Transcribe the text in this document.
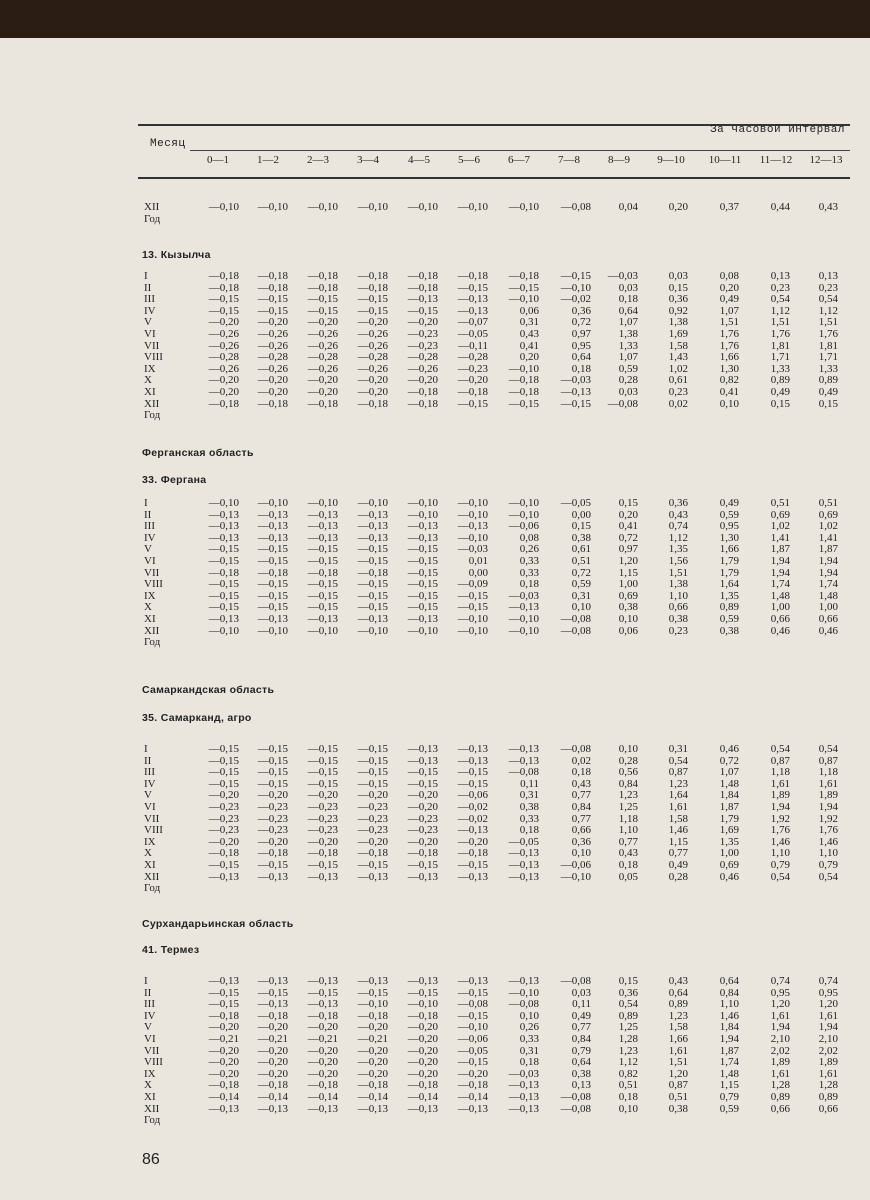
За часовой интервал
Месяц
0—1	1—2	2—3	3—4	4—5	5—6	6—7	7—8	8—9	9—10	10—11	11—12	12—13
XII	—0,10	—0,10	—0,10	—0,10	—0,10	—0,10	—0,10	—0,08	0,04	0,20	0,37	0,44	0,43
Год
13. Кызылча
I	—0,18	—0,18	—0,18	—0,18	—0,18	—0,18	—0,18	—0,15	—0,03	0,03	0,08	0,13	0,13
II	—0,18	—0,18	—0,18	—0,18	—0,18	—0,15	—0,15	—0,10	0,03	0,15	0,20	0,23	0,23
III	—0,15	—0,15	—0,15	—0,15	—0,13	—0,13	—0,10	—0,02	0,18	0,36	0,49	0,54	0,54
IV	—0,15	—0,15	—0,15	—0,15	—0,15	—0,13	0,06	0,36	0,64	0,92	1,07	1,12	1,12
V	—0,20	—0,20	—0,20	—0,20	—0,20	—0,07	0,31	0,72	1,07	1,38	1,51	1,51	1,51
VI	—0,26	—0,26	—0,26	—0,26	—0,23	—0,05	0,43	0,97	1,38	1,69	1,76	1,76	1,76
VII	—0,26	—0,26	—0,26	—0,26	—0,23	—0,11	0,41	0,95	1,33	1,58	1,76	1,81	1,81
VIII	—0,28	—0,28	—0,28	—0,28	—0,28	—0,28	0,20	0,64	1,07	1,43	1,66	1,71	1,71
IX	—0,26	—0,26	—0,26	—0,26	—0,26	—0,23	—0,10	0,18	0,59	1,02	1,30	1,33	1,33
X	—0,20	—0,20	—0,20	—0,20	—0,20	—0,20	—0,18	—0,03	0,28	0,61	0,82	0,89	0,89
XI	—0,20	—0,20	—0,20	—0,20	—0,18	—0,18	—0,18	—0,13	0,03	0,23	0,41	0,49	0,49
XII	—0,18	—0,18	—0,18	—0,18	—0,18	—0,15	—0,15	—0,15	—0,08	0,02	0,10	0,15	0,15
Год
Ферганская область
33. Фергана
I	—0,10	—0,10	—0,10	—0,10	—0,10	—0,10	—0,10	—0,05	0,15	0,36	0,49	0,51	0,51
II	—0,13	—0,13	—0,13	—0,13	—0,10	—0,10	—0,10	0,00	0,20	0,43	0,59	0,69	0,69
III	—0,13	—0,13	—0,13	—0,13	—0,13	—0,13	—0,06	0,15	0,41	0,74	0,95	1,02	1,02
IV	—0,13	—0,13	—0,13	—0,13	—0,13	—0,10	0,08	0,38	0,72	1,12	1,30	1,41	1,41
V	—0,15	—0,15	—0,15	—0,15	—0,15	—0,03	0,26	0,61	0,97	1,35	1,66	1,87	1,87
VI	—0,15	—0,15	—0,15	—0,15	—0,15	0,01	0,33	0,51	1,20	1,56	1,79	1,94	1,94
VII	—0,18	—0,18	—0,18	—0,18	—0,15	0,00	0,33	0,72	1,15	1,51	1,79	1,94	1,94
VIII	—0,15	—0,15	—0,15	—0,15	—0,15	—0,09	0,18	0,59	1,00	1,38	1,64	1,74	1,74
IX	—0,15	—0,15	—0,15	—0,15	—0,15	—0,15	—0,03	0,31	0,69	1,10	1,35	1,48	1,48
X	—0,15	—0,15	—0,15	—0,15	—0,15	—0,15	—0,13	0,10	0,38	0,66	0,89	1,00	1,00
XI	—0,13	—0,13	—0,13	—0,13	—0,13	—0,10	—0,10	—0,08	0,10	0,38	0,59	0,66	0,66
XII	—0,10	—0,10	—0,10	—0,10	—0,10	—0,10	—0,10	—0,08	0,06	0,23	0,38	0,46	0,46
Год
Самаркандская область
35. Самарканд, агро
I	—0,15	—0,15	—0,15	—0,15	—0,13	—0,13	—0,13	—0,08	0,10	0,31	0,46	0,54	0,54
II	—0,15	—0,15	—0,15	—0,15	—0,13	—0,13	—0,13	0,02	0,28	0,54	0,72	0,87	0,87
III	—0,15	—0,15	—0,15	—0,15	—0,15	—0,15	—0,08	0,18	0,56	0,87	1,07	1,18	1,18
IV	—0,15	—0,15	—0,15	—0,15	—0,15	—0,15	0,11	0,43	0,84	1,23	1,48	1,61	1,61
V	—0,20	—0,20	—0,20	—0,20	—0,20	—0,06	0,31	0,77	1,23	1,64	1,84	1,89	1,89
VI	—0,23	—0,23	—0,23	—0,23	—0,20	—0,02	0,38	0,84	1,25	1,61	1,87	1,94	1,94
VII	—0,23	—0,23	—0,23	—0,23	—0,23	—0,02	0,33	0,77	1,18	1,58	1,79	1,92	1,92
VIII	—0,23	—0,23	—0,23	—0,23	—0,23	—0,13	0,18	0,66	1,10	1,46	1,69	1,76	1,76
IX	—0,20	—0,20	—0,20	—0,20	—0,20	—0,20	—0,05	0,36	0,77	1,15	1,35	1,46	1,46
X	—0,18	—0,18	—0,18	—0,18	—0,18	—0,18	—0,13	0,10	0,43	0,77	1,00	1,10	1,10
XI	—0,15	—0,15	—0,15	—0,15	—0,15	—0,15	—0,13	—0,06	0,18	0,49	0,69	0,79	0,79
XII	—0,13	—0,13	—0,13	—0,13	—0,13	—0,13	—0,13	—0,10	0,05	0,28	0,46	0,54	0,54
Год
Сурхандарьинская область
41. Термез
I	—0,13	—0,13	—0,13	—0,13	—0,13	—0,13	—0,13	—0,08	0,15	0,43	0,64	0,74	0,74
II	—0,15	—0,15	—0,15	—0,15	—0,15	—0,15	—0,10	0,03	0,36	0,64	0,84	0,95	0,95
III	—0,15	—0,13	—0,13	—0,10	—0,10	—0,08	—0,08	0,11	0,54	0,89	1,10	1,20	1,20
IV	—0,18	—0,18	—0,18	—0,18	—0,18	—0,15	0,10	0,49	0,89	1,23	1,46	1,61	1,61
V	—0,20	—0,20	—0,20	—0,20	—0,20	—0,10	0,26	0,77	1,25	1,58	1,84	1,94	1,94
VI	—0,21	—0,21	—0,21	—0,21	—0,20	—0,06	0,33	0,84	1,28	1,66	1,94	2,10	2,10
VII	—0,20	—0,20	—0,20	—0,20	—0,20	—0,05	0,31	0,79	1,23	1,61	1,87	2,02	2,02
VIII	—0,20	—0,20	—0,20	—0,20	—0,20	—0,15	0,18	0,64	1,12	1,51	1,74	1,89	1,89
IX	—0,20	—0,20	—0,20	—0,20	—0,20	—0,20	—0,03	0,38	0,82	1,20	1,48	1,61	1,61
X	—0,18	—0,18	—0,18	—0,18	—0,18	—0,18	—0,13	0,13	0,51	0,87	1,15	1,28	1,28
XI	—0,14	—0,14	—0,14	—0,14	—0,14	—0,14	—0,13	—0,08	0,18	0,51	0,79	0,89	0,89
XII	—0,13	—0,13	—0,13	—0,13	—0,13	—0,13	—0,13	—0,08	0,10	0,38	0,59	0,66	0,66
Год
86
